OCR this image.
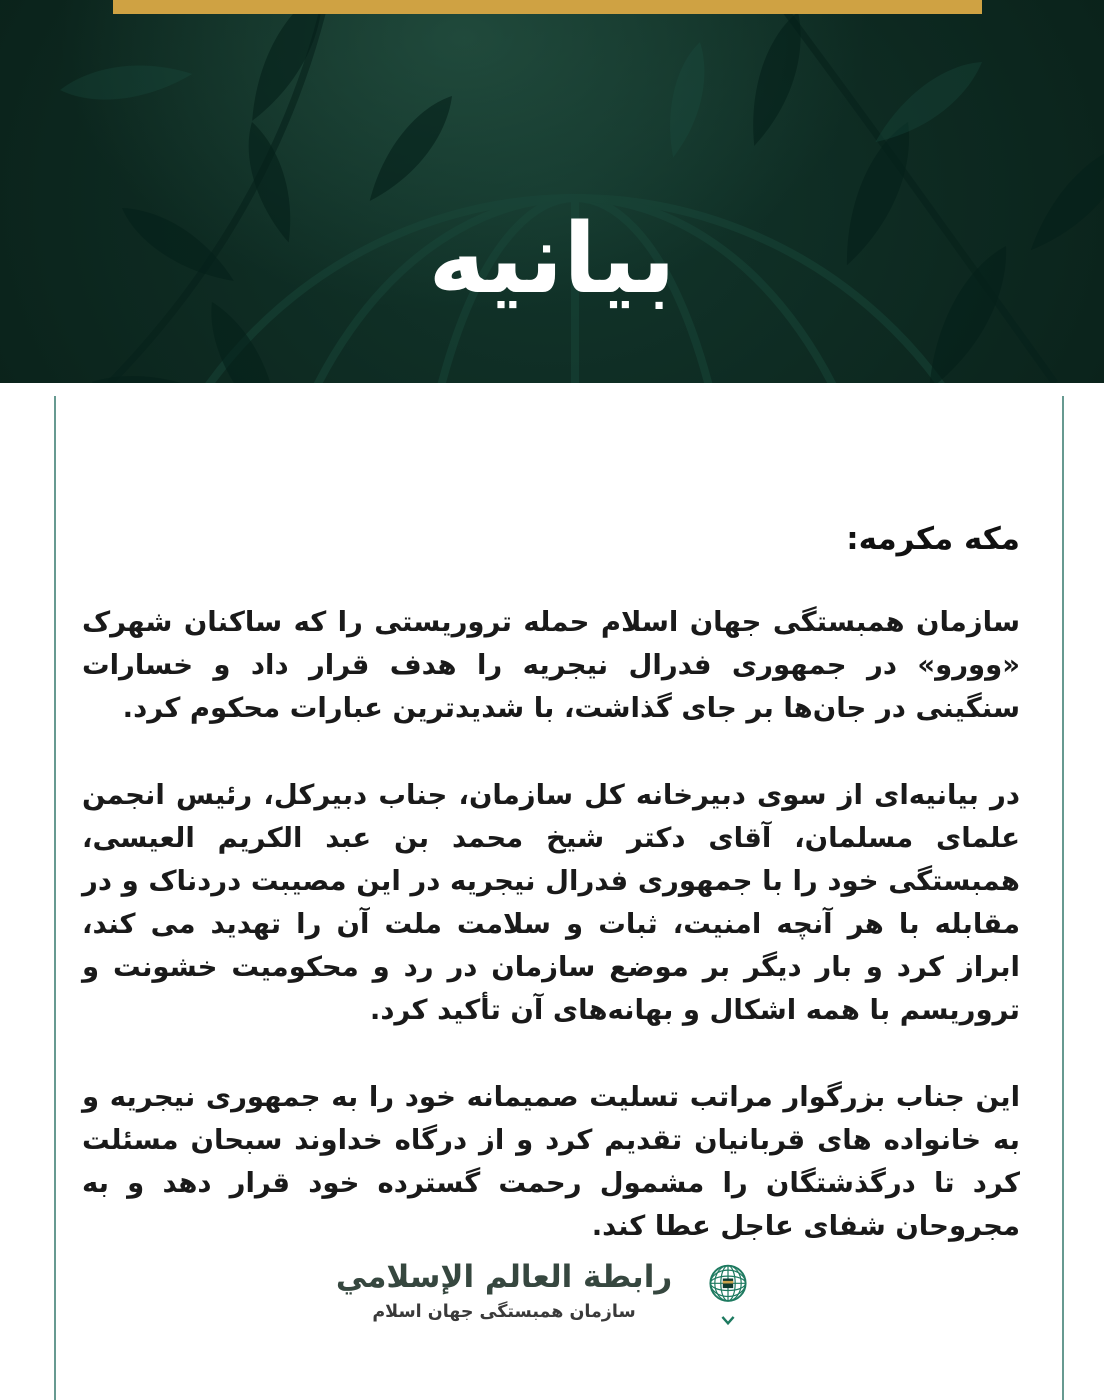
بیانیه
مکه مکرمه:

سازمان همبستگی جهان اسلام حمله تروریستی را که ساکنان شهرک «وورو» در جمهوری فدرال نیجریه را هدف قرار داد و خسارات سنگینی در جان‌ها بر جای گذاشت، با شدیدترین عبارات محکوم کرد.

در بیانیه‌ای از سوی دبیرخانه کل سازمان، جناب دبیرکل، رئیس انجمن علمای مسلمان، آقای دکتر شیخ محمد بن عبد الکریم العیسی، همبستگی خود را با جمهوری فدرال نیجریه در این مصیبت دردناک و در مقابله با هر آنچه امنیت، ثبات و سلامت ملت آن را تهدید می کند، ابراز کرد و بار دیگر بر موضع سازمان در رد و محکومیت خشونت و تروریسم با همه اشکال و بهانه‌های آن تأکید کرد.

این جناب بزرگوار مراتب تسلیت صمیمانه خود را به جمهوری نیجریه و به خانواده های قربانیان تقدیم کرد و از درگاه خداوند سبحان مسئلت کرد تا درگذشتگان را مشمول رحمت گسترده خود قرار دهد و به مجروحان شفای عاجل عطا کند.

رابطة العالم الإسلامي
سازمان همبستگی جهان اسلام
